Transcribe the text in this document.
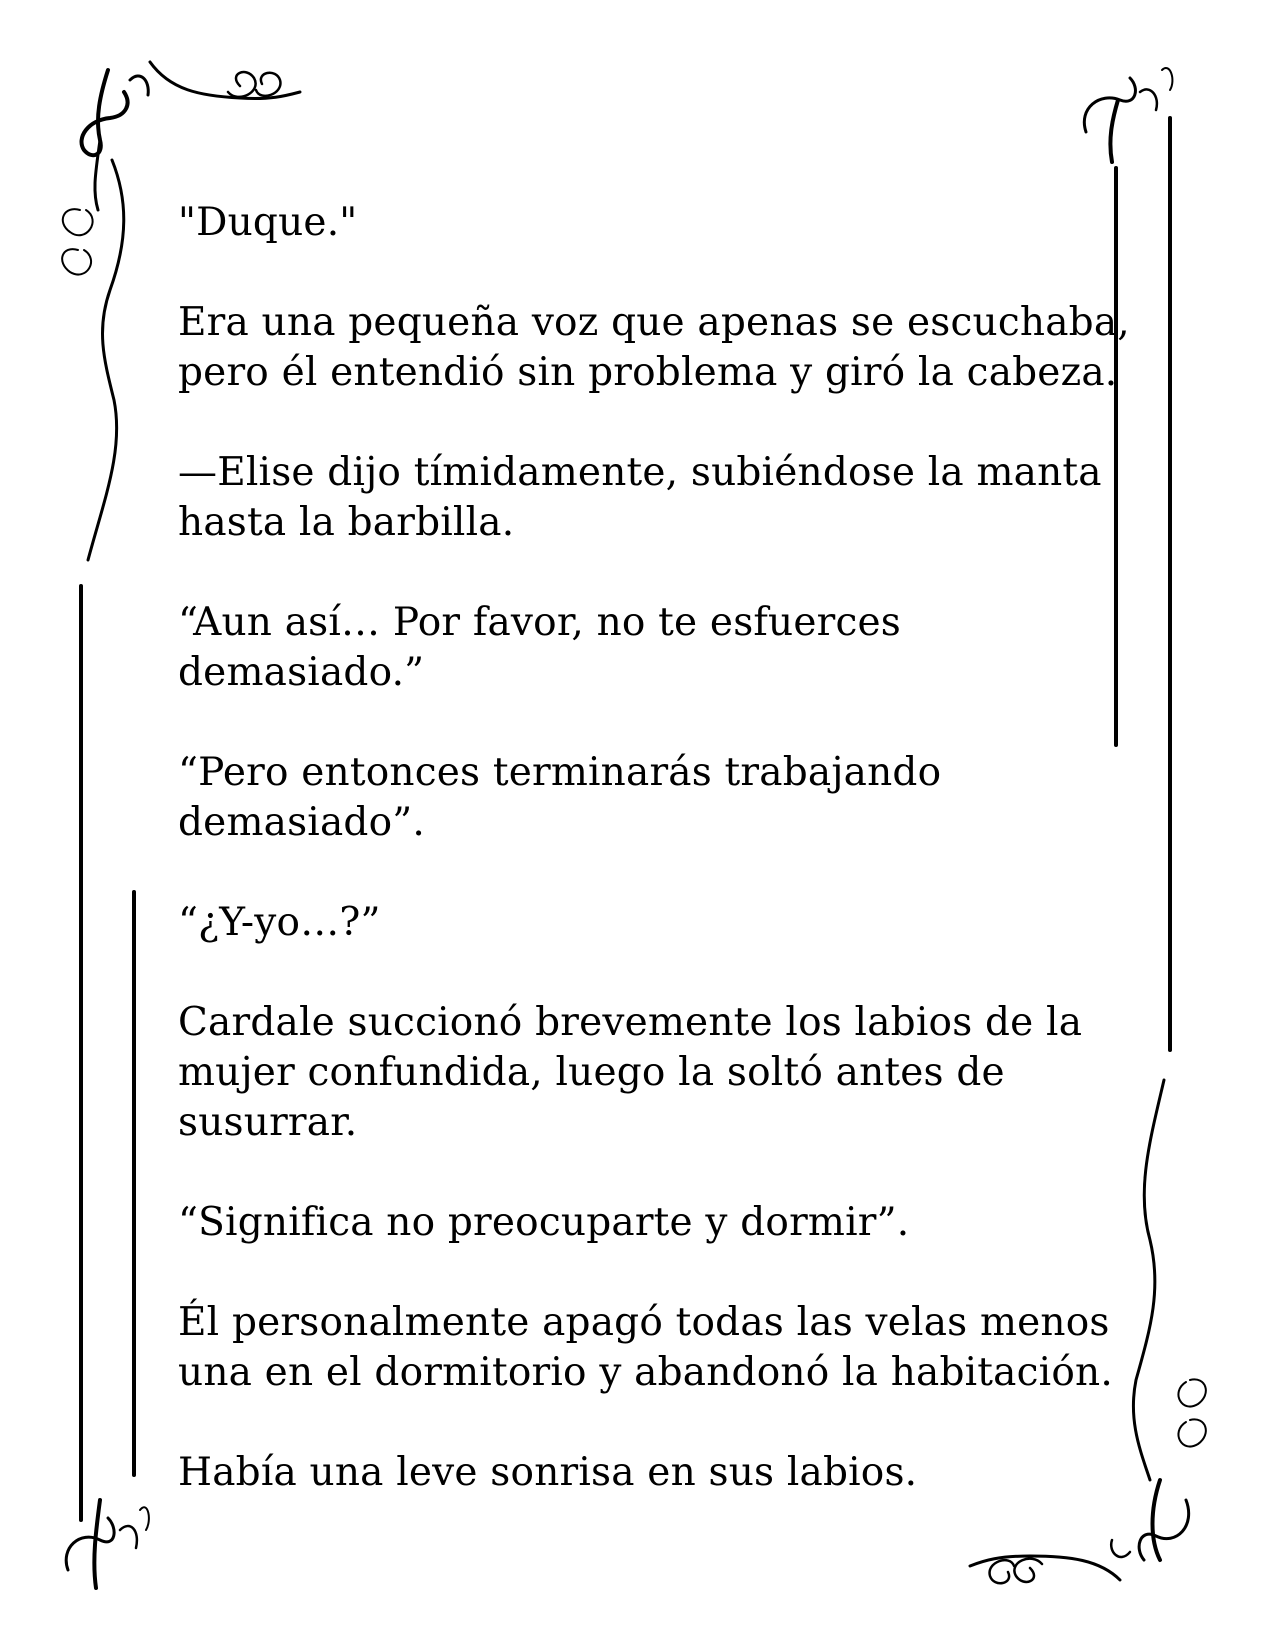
"Duque."

Era una pequeña voz que apenas se escuchaba,
pero él entendió sin problema y giró la cabeza.

—Elise dijo tímidamente, subiéndose la manta
hasta la barbilla.

“Aun así… Por favor, no te esfuerces
demasiado.”

“Pero entonces terminarás trabajando
demasiado”.

“¿Y-yo…?”

Cardale succionó brevemente los labios de la
mujer confundida, luego la soltó antes de
susurrar.

“Significa no preocuparte y dormir”.

Él personalmente apagó todas las velas menos
una en el dormitorio y abandonó la habitación.

Había una leve sonrisa en sus labios.
